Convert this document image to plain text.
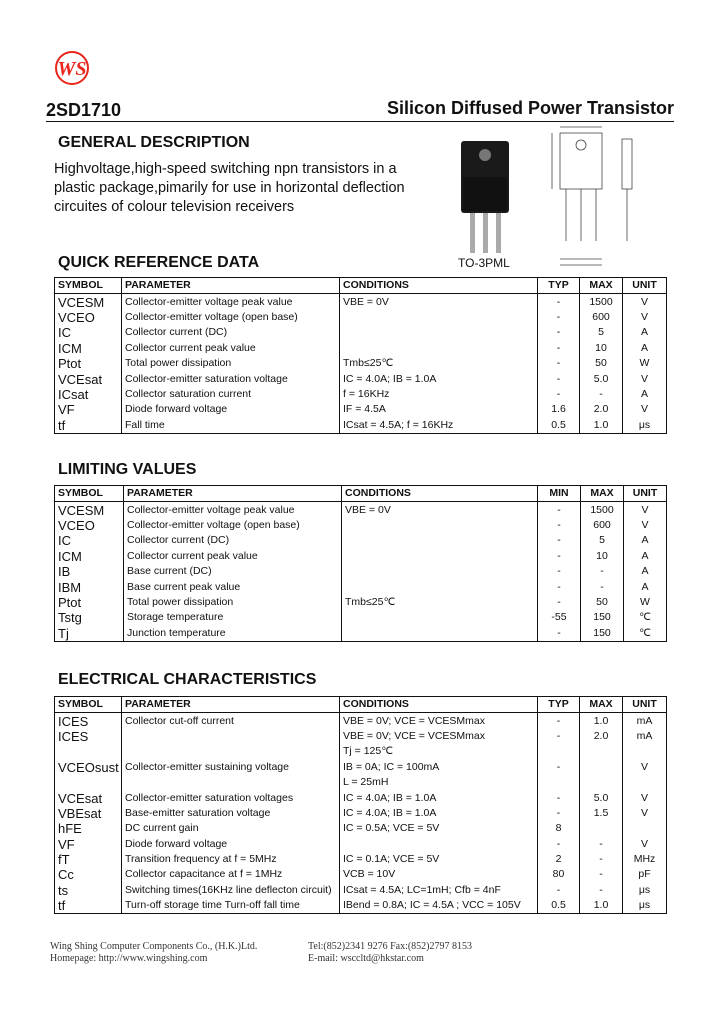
WS
2SD1710	Silicon Diffused Power Transistor
GENERAL DESCRIPTION
Highvoltage,high-speed switching npn transistors in a plastic package,pimarily for use in horizontal deflection circuites of colour television receivers
TO-3PML
QUICK REFERENCE DATA
SYMBOL	PARAMETER	CONDITIONS	TYP	MAX	UNIT
VCESM	Collector-emitter voltage peak value	VBE = 0V	-	1500	V
VCEO	Collector-emitter voltage (open base)		-	600	V
IC	Collector current (DC)		-	5	A
ICM	Collector current peak value		-	10	A
Ptot	Total power dissipation	Tmb≤25℃	-	50	W
VCEsat	Collector-emitter saturation voltage	IC = 4.0A; IB = 1.0A	-	5.0	V
ICsat	Collector saturation current	f = 16KHz	-	-	A
VF	Diode forward voltage	IF = 4.5A	1.6	2.0	V
tf	Fall time	ICsat = 4.5A; f = 16KHz	0.5	1.0	μs
LIMITING VALUES
SYMBOL	PARAMETER	CONDITIONS	MIN	MAX	UNIT
VCESM	Collector-emitter voltage peak value	VBE = 0V	-	1500	V
VCEO	Collector-emitter voltage (open base)		-	600	V
IC	Collector current (DC)		-	5	A
ICM	Collector current peak value		-	10	A
IB	Base current (DC)		-	-	A
IBM	Base current peak value		-	-	A
Ptot	Total power dissipation	Tmb≤25℃	-	50	W
Tstg	Storage temperature		-55	150	℃
Tj	Junction temperature		-	150	℃
ELECTRICAL CHARACTERISTICS
SYMBOL	PARAMETER	CONDITIONS	TYP	MAX	UNIT
ICES	Collector cut-off current	VBE = 0V; VCE = VCESMmax	-	1.0	mA
ICES		VBE = 0V; VCE = VCESMmax	-	2.0	mA
		Tj = 125℃			
VCEOsust	Collector-emitter sustaining voltage	IB = 0A; IC = 100mA	-		V
		L = 25mH			
VCEsat	Collector-emitter saturation voltages	IC = 4.0A; IB = 1.0A	-	5.0	V
VBEsat	Base-emitter saturation voltage	IC = 4.0A; IB = 1.0A	-	1.5	V
hFE	DC current gain	IC = 0.5A; VCE = 5V	8		
VF	Diode forward voltage		-	-	V
fT	Transition frequency at f = 5MHz	IC = 0.1A; VCE = 5V	2	-	MHz
Cc	Collector capacitance at f = 1MHz	VCB = 10V	80	-	pF
ts	Switching times(16KHz line deflecton circuit)	ICsat = 4.5A; LC=1mH; Cfb = 4nF	-	-	μs
tf	Turn-off storage time Turn-off fall time	IBend = 0.8A; IC = 4.5A ; VCC = 105V	0.5	1.0	μs
Wing Shing Computer Components Co., (H.K.)Ltd.
Homepage: http://www.wingshing.com
Tel:(852)2341 9276 Fax:(852)2797 8153
E-mail: wsccltd@hkstar.com
